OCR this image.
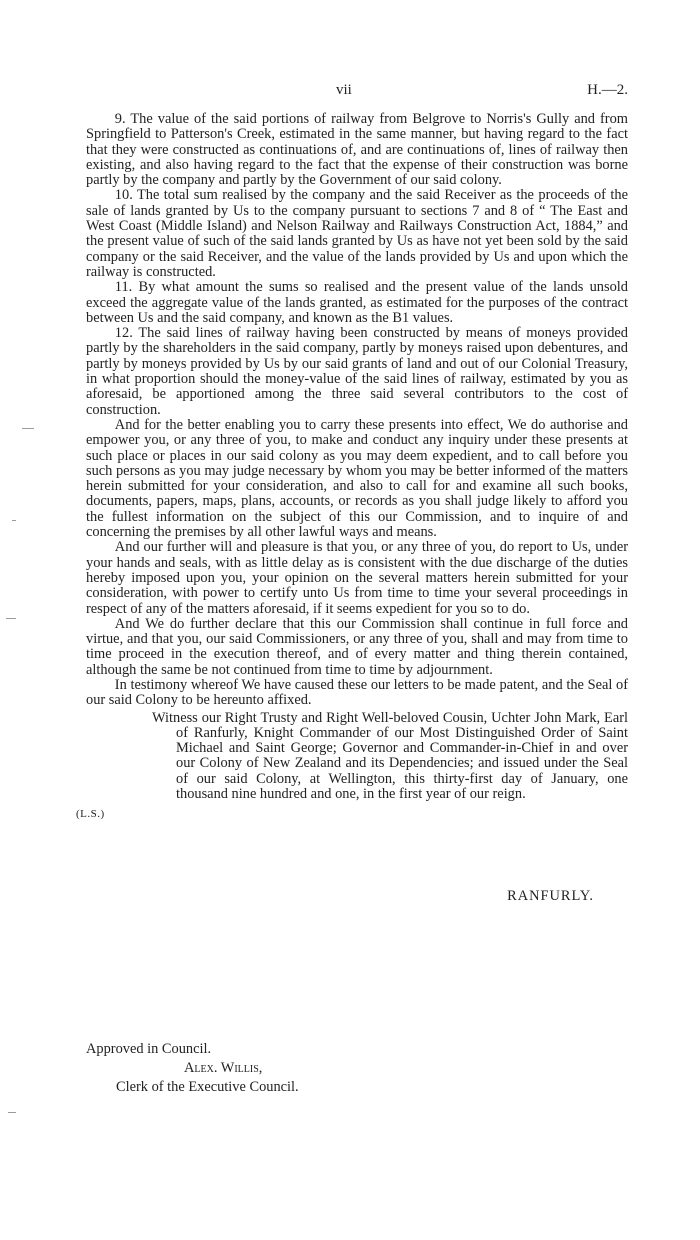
vii	H.—2.

9. The value of the said portions of railway from Belgrove to Norris's Gully and from Springfield to Patterson's Creek, estimated in the same manner, but having regard to the fact that they were constructed as continuations of, and are continuations of, lines of railway then existing, and also having regard to the fact that the expense of their construction was borne partly by the company and partly by the Government of our said colony.

10. The total sum realised by the company and the said Receiver as the proceeds of the sale of lands granted by Us to the company pursuant to sections 7 and 8 of “ The East and West Coast (Middle Island) and Nelson Railway and Railways Construction Act, 1884,” and the present value of such of the said lands granted by Us as have not yet been sold by the said company or the said Receiver, and the value of the lands provided by Us and upon which the railway is constructed.

11. By what amount the sums so realised and the present value of the lands unsold exceed the aggregate value of the lands granted, as estimated for the purposes of the contract between Us and the said company, and known as the B1 values.

12. The said lines of railway having been constructed by means of moneys provided partly by the shareholders in the said company, partly by moneys raised upon debentures, and partly by moneys provided by Us by our said grants of land and out of our Colonial Treasury, in what proportion should the money-value of the said lines of railway, estimated by you as aforesaid, be apportioned among the three said several contributors to the cost of construction.

And for the better enabling you to carry these presents into effect, We do authorise and empower you, or any three of you, to make and conduct any inquiry under these presents at such place or places in our said colony as you may deem expedient, and to call before you such persons as you may judge necessary by whom you may be better informed of the matters herein submitted for your consideration, and also to call for and examine all such books, documents, papers, maps, plans, accounts, or records as you shall judge likely to afford you the fullest information on the subject of this our Commission, and to inquire of and concerning the premises by all other lawful ways and means.

And our further will and pleasure is that you, or any three of you, do report to Us, under your hands and seals, with as little delay as is consistent with the due discharge of the duties hereby imposed upon you, your opinion on the several matters herein submitted for your consideration, with power to certify unto Us from time to time your several proceedings in respect of any of the matters aforesaid, if it seems expedient for you so to do.

And We do further declare that this our Commission shall continue in full force and virtue, and that you, our said Commissioners, or any three of you, shall and may from time to time proceed in the execution thereof, and of every matter and thing therein contained, although the same be not continued from time to time by adjournment.

In testimony whereof We have caused these our letters to be made patent, and the Seal of our said Colony to be hereunto affixed.

Witness our Right Trusty and Right Well-beloved Cousin, Uchter John Mark, Earl of Ranfurly, Knight Commander of our Most Distinguished Order of Saint Michael and Saint George; Governor and Commander-in-Chief in and over our Colony of New Zealand and its Dependencies; and issued under the Seal of our said Colony, at Wellington, this thirty-first day of January, one thousand nine hundred and one, in the first year of our reign.
(L.S.)
RANFURLY.
Approved in Council.
Alex. Willis,
Clerk of the Executive Council.
